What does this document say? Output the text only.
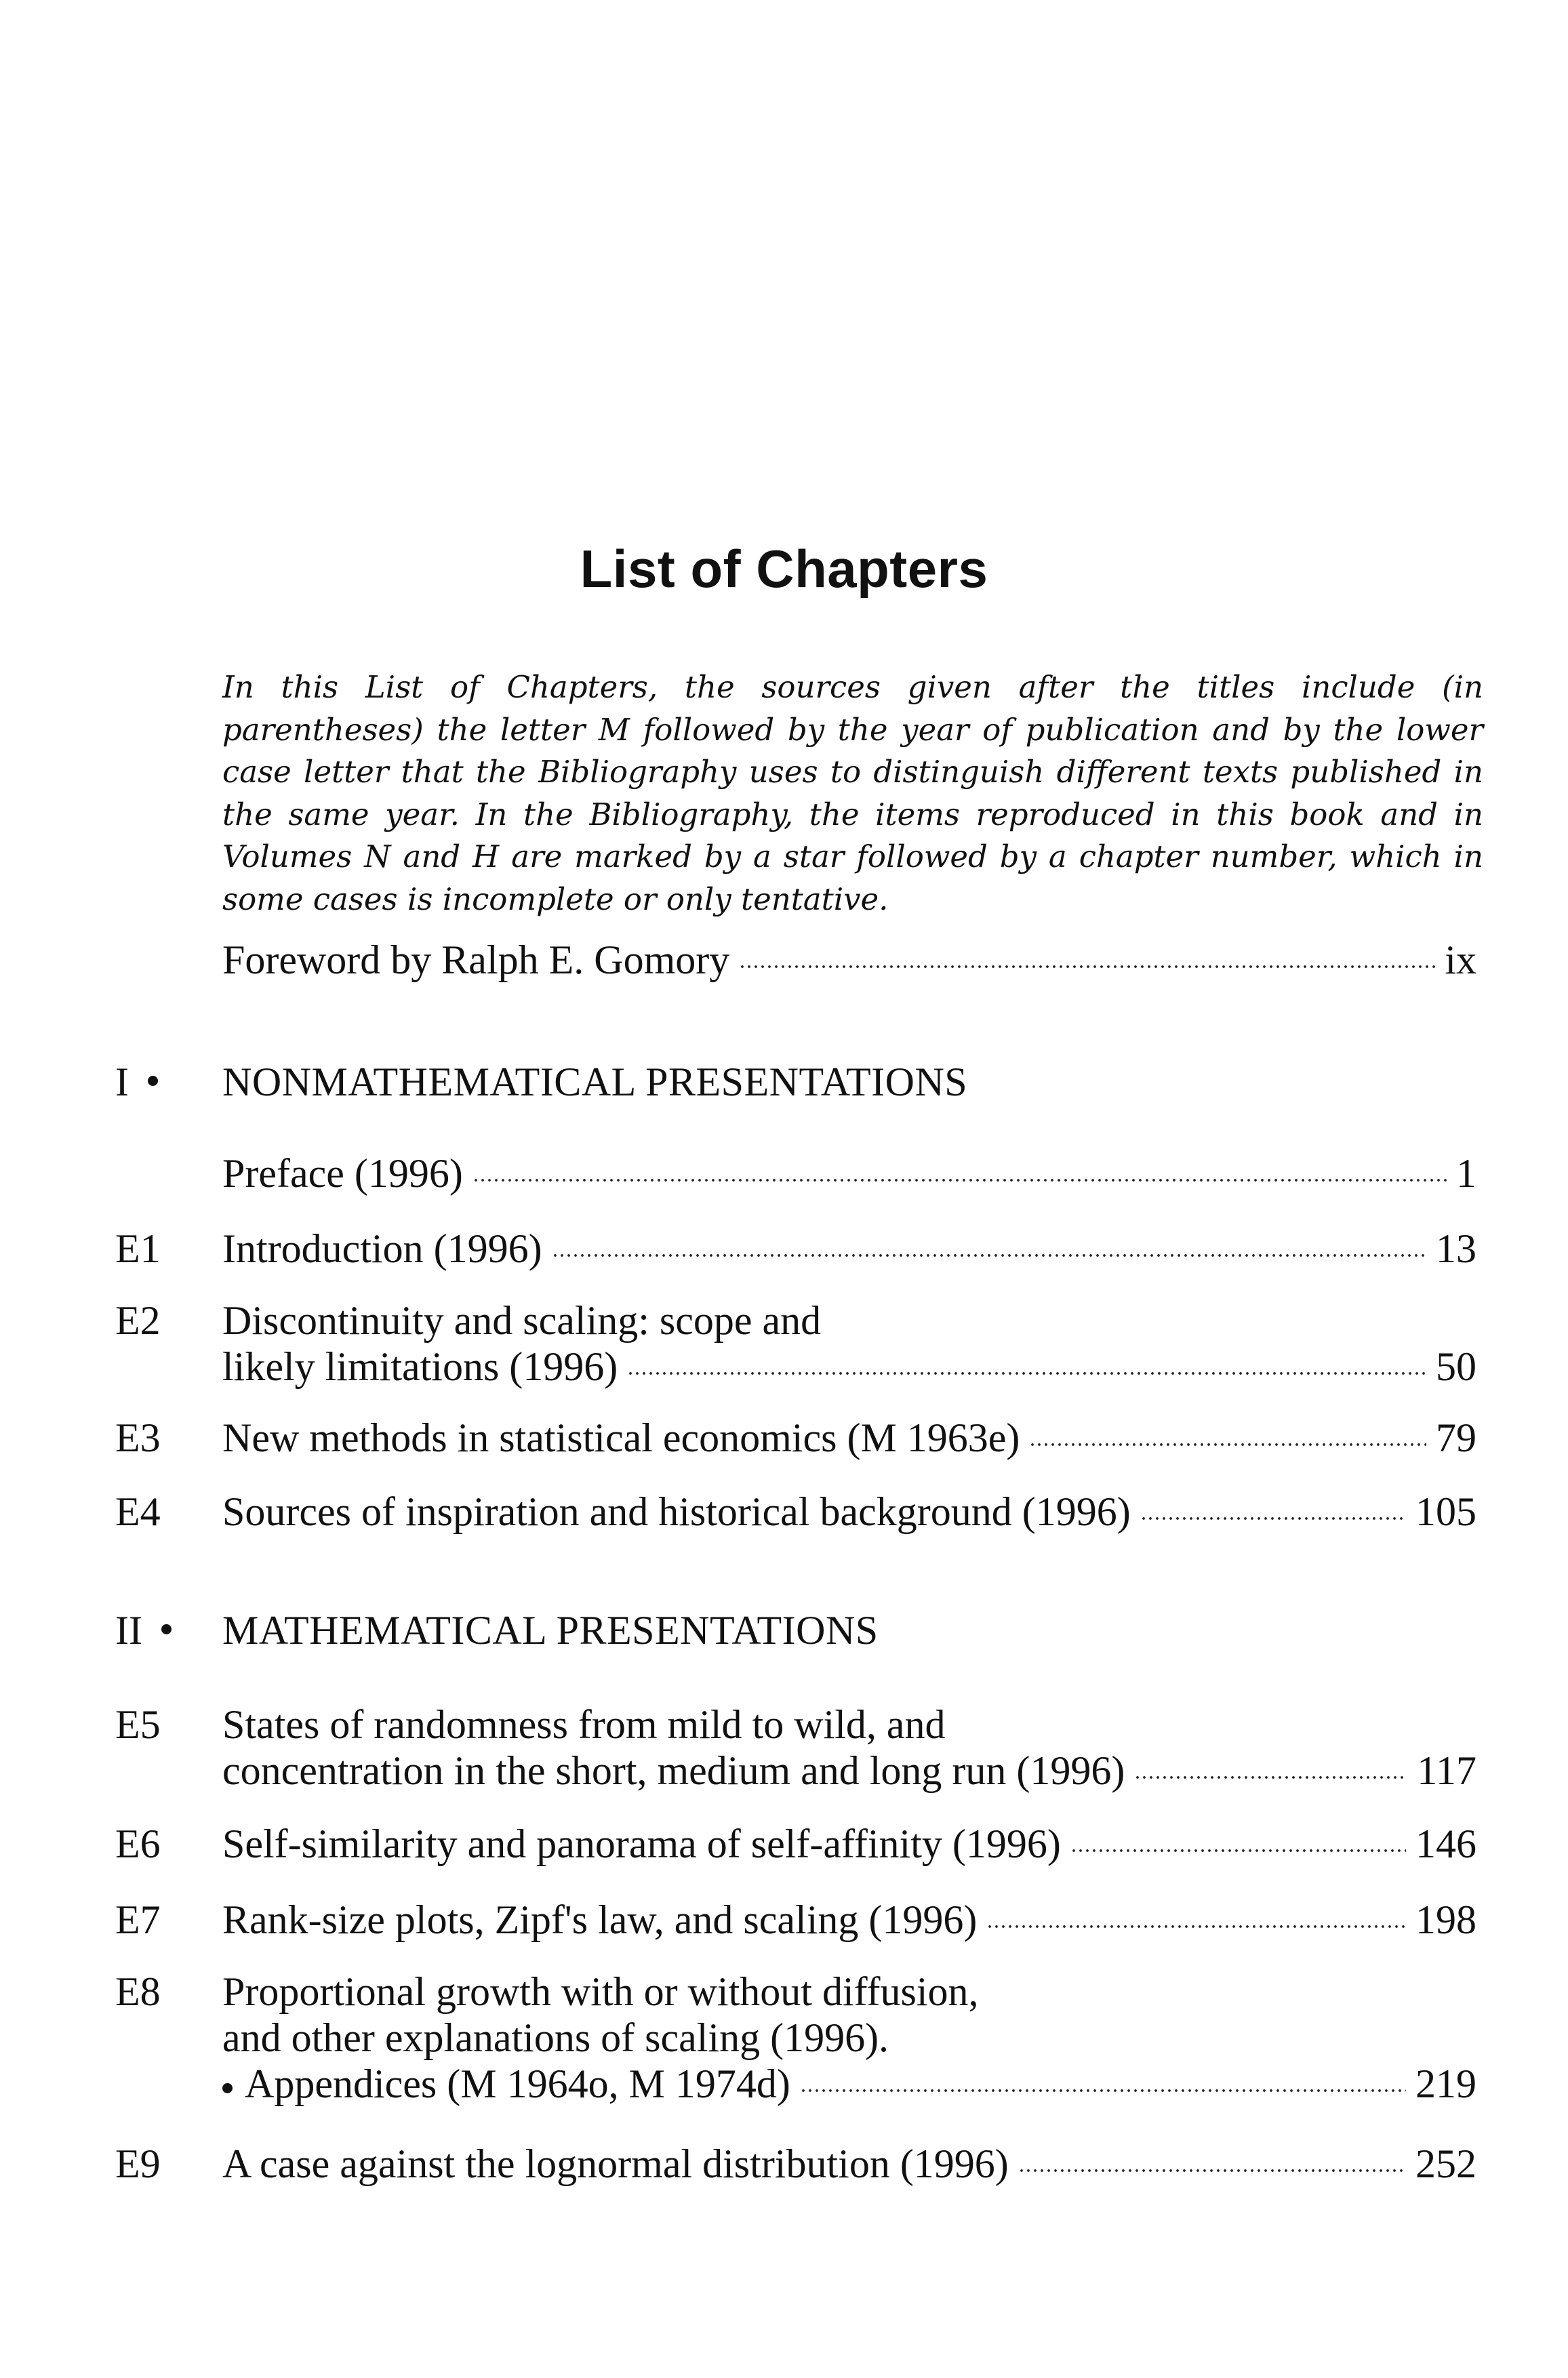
List of Chapters

In this List of Chapters, the sources given after the titles include (in parentheses) the letter M followed by the year of publication and by the lower case letter that the Bibliography uses to distinguish different texts published in the same year. In the Bibliography, the items reproduced in this book and in Volumes N and H are marked by a star followed by a chapter number, which in some cases is incomplete or only tentative.

Foreword by Ralph E. Gomory	ix
I	NONMATHEMATICAL PRESENTATIONS
Preface (1996)	1
E1 Introduction (1996)	13
E2 Discontinuity and scaling: scope and
likely limitations (1996)	50
E3 New methods in statistical economics (M 1963e)	79
E4 Sources of inspiration and historical background (1996)	105
II	MATHEMATICAL PRESENTATIONS
E5 States of randomness from mild to wild, and
concentration in the short, medium and long run (1996)	117
E6 Self-similarity and panorama of self-affinity (1996)	146
E7 Rank-size plots, Zipf's law, and scaling (1996)	198
E8 Proportional growth with or without diffusion,
and other explanations of scaling (1996).
Appendices (M 1964o, M 1974d)	219
E9 A case against the lognormal distribution (1996)	252
